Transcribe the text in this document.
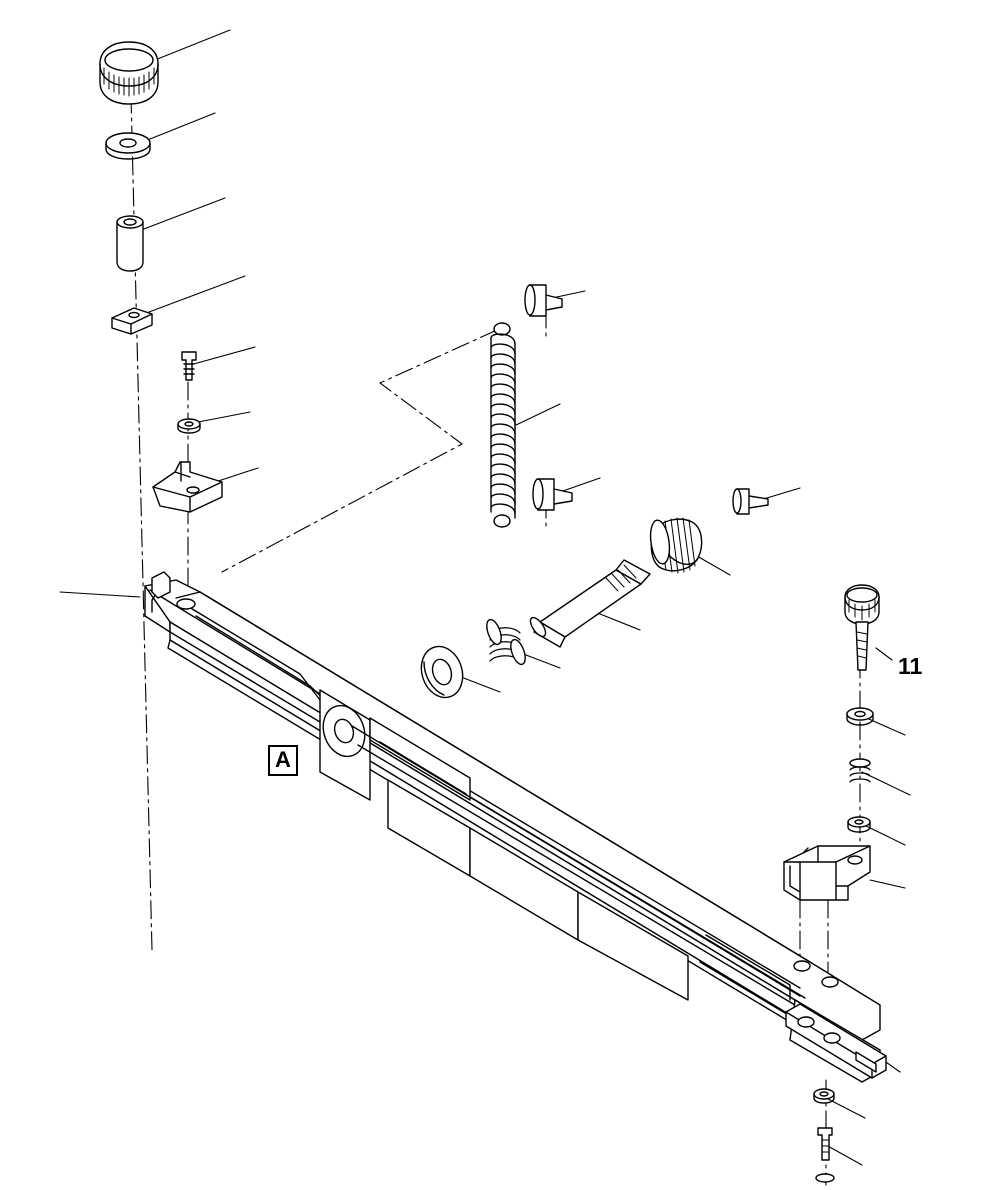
11
A
